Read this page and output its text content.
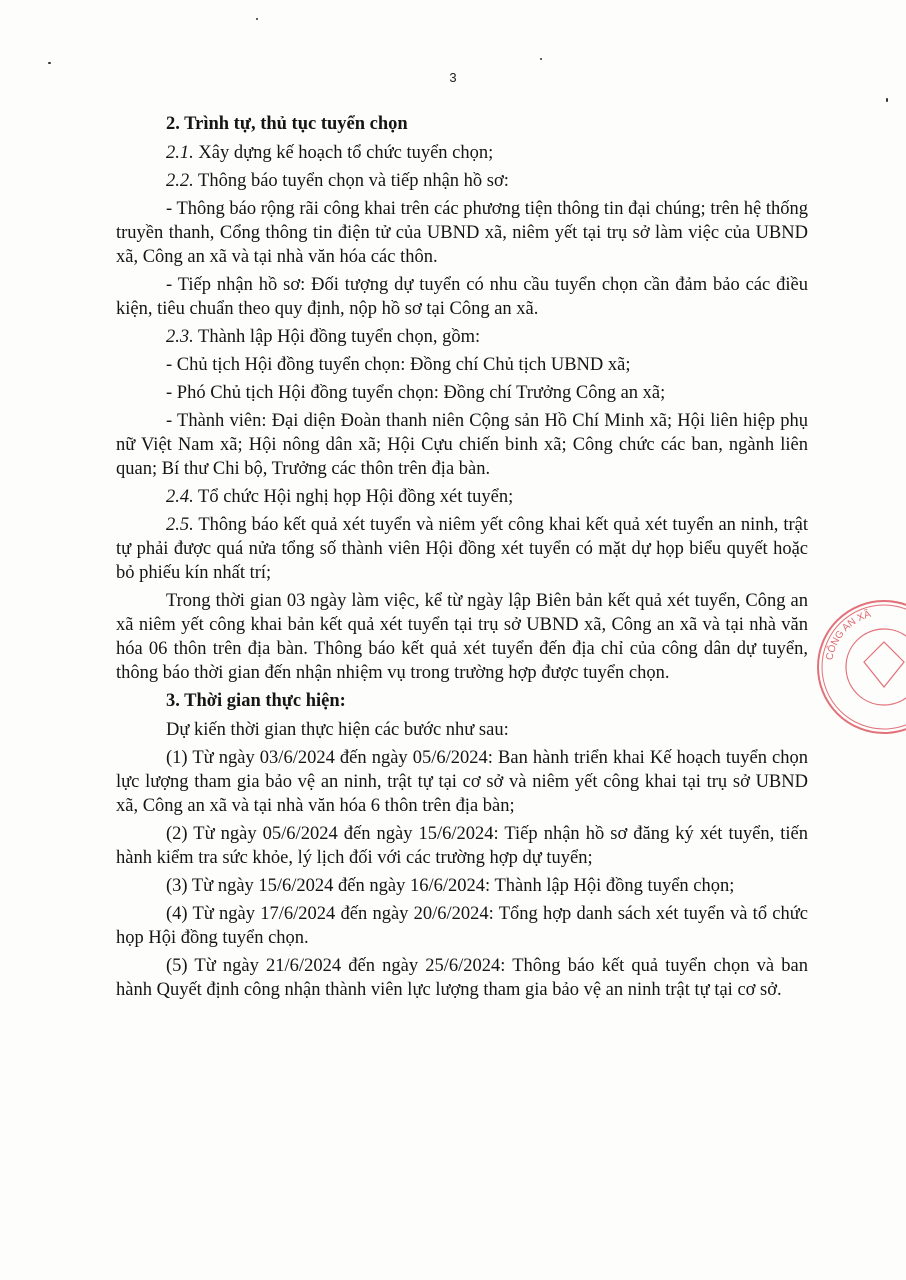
3

2. Trình tự, thủ tục tuyển chọn

2.1. Xây dựng kế hoạch tổ chức tuyển chọn;

2.2. Thông báo tuyển chọn và tiếp nhận hồ sơ:

- Thông báo rộng rãi công khai trên các phương tiện thông tin đại chúng; trên hệ thống truyền thanh, Cổng thông tin điện tử của UBND xã, niêm yết tại trụ sở làm việc của UBND xã, Công an xã và tại nhà văn hóa các thôn.

- Tiếp nhận hồ sơ: Đối tượng dự tuyển có nhu cầu tuyển chọn cần đảm bảo các điều kiện, tiêu chuẩn theo quy định, nộp hồ sơ tại Công an xã.

2.3. Thành lập Hội đồng tuyển chọn, gồm:

- Chủ tịch Hội đồng tuyển chọn: Đồng chí Chủ tịch UBND xã;

- Phó Chủ tịch Hội đồng tuyển chọn: Đồng chí Trưởng Công an xã;

- Thành viên: Đại diện Đoàn thanh niên Cộng sản Hồ Chí Minh xã; Hội liên hiệp phụ nữ Việt Nam xã; Hội nông dân xã; Hội Cựu chiến binh xã; Công chức các ban, ngành liên quan; Bí thư Chi bộ, Trưởng các thôn trên địa bàn.

2.4. Tổ chức Hội nghị họp Hội đồng xét tuyển;

2.5. Thông báo kết quả xét tuyển và niêm yết công khai kết quả xét tuyển an ninh, trật tự phải được quá nửa tổng số thành viên Hội đồng xét tuyển có mặt dự họp biểu quyết hoặc bỏ phiếu kín nhất trí;

Trong thời gian 03 ngày làm việc, kể từ ngày lập Biên bản kết quả xét tuyển, Công an xã niêm yết công khai bản kết quả xét tuyển tại trụ sở UBND xã, Công an xã và tại nhà văn hóa 06 thôn trên địa bàn. Thông báo kết quả xét tuyển đến địa chỉ của công dân dự tuyển, thông báo thời gian đến nhận nhiệm vụ trong trường hợp được tuyển chọn.

3. Thời gian thực hiện:

Dự kiến thời gian thực hiện các bước như sau:

(1) Từ ngày 03/6/2024 đến ngày 05/6/2024: Ban hành triển khai Kế hoạch tuyển chọn lực lượng tham gia bảo vệ an ninh, trật tự tại cơ sở và niêm yết công khai tại trụ sở UBND xã, Công an xã và tại nhà văn hóa 6 thôn trên địa bàn;

(2) Từ ngày 05/6/2024 đến ngày 15/6/2024: Tiếp nhận hồ sơ đăng ký xét tuyển, tiến hành kiểm tra sức khỏe, lý lịch đối với các trường hợp dự tuyển;

(3) Từ ngày 15/6/2024 đến ngày 16/6/2024: Thành lập Hội đồng tuyển chọn;

(4) Từ ngày 17/6/2024 đến ngày 20/6/2024: Tổng hợp danh sách xét tuyển và tổ chức họp Hội đồng tuyển chọn.

(5) Từ ngày 21/6/2024 đến ngày 25/6/2024: Thông báo kết quả tuyển chọn và ban hành Quyết định công nhận thành viên lực lượng tham gia bảo vệ an ninh trật tự tại cơ sở.

CÔNG AN XÃ
